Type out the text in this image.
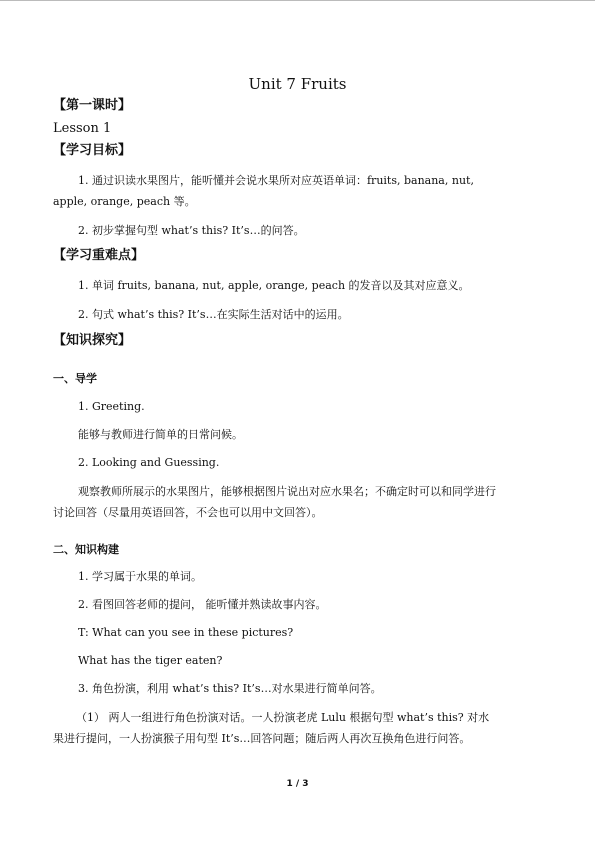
Unit 7 Fruits
【第一课时】
Lesson 1
【学习目标】
1. 通过识读水果图片，能听懂并会说水果所对应英语单词：fruits, banana, nut,
apple, orange, peach 等。
2. 初步掌握句型 what’s this? It’s…的问答。
【学习重难点】
1. 单词 fruits, banana, nut, apple, orange, peach 的发音以及其对应意义。
2. 句式 what’s this? It’s…在实际生活对话中的运用。
【知识探究】
一、导学
1. Greeting.
能够与教师进行简单的日常问候。
2. Looking and Guessing.
观察教师所展示的水果图片，能够根据图片说出对应水果名；不确定时可以和同学进行
讨论回答（尽量用英语回答，不会也可以用中文回答）。
二、知识构建
1. 学习属于水果的单词。
2. 看图回答老师的提问， 能听懂并熟读故事内容。
T: What can you see in these pictures?
What has the tiger eaten?
3. 角色扮演，利用 what’s this? It’s…对水果进行简单问答。
（1） 两人一组进行角色扮演对话。一人扮演老虎 Lulu 根据句型 what’s this? 对水
果进行提问，一人扮演猴子用句型 It’s…回答问题；随后两人再次互换角色进行问答。
1 / 3
